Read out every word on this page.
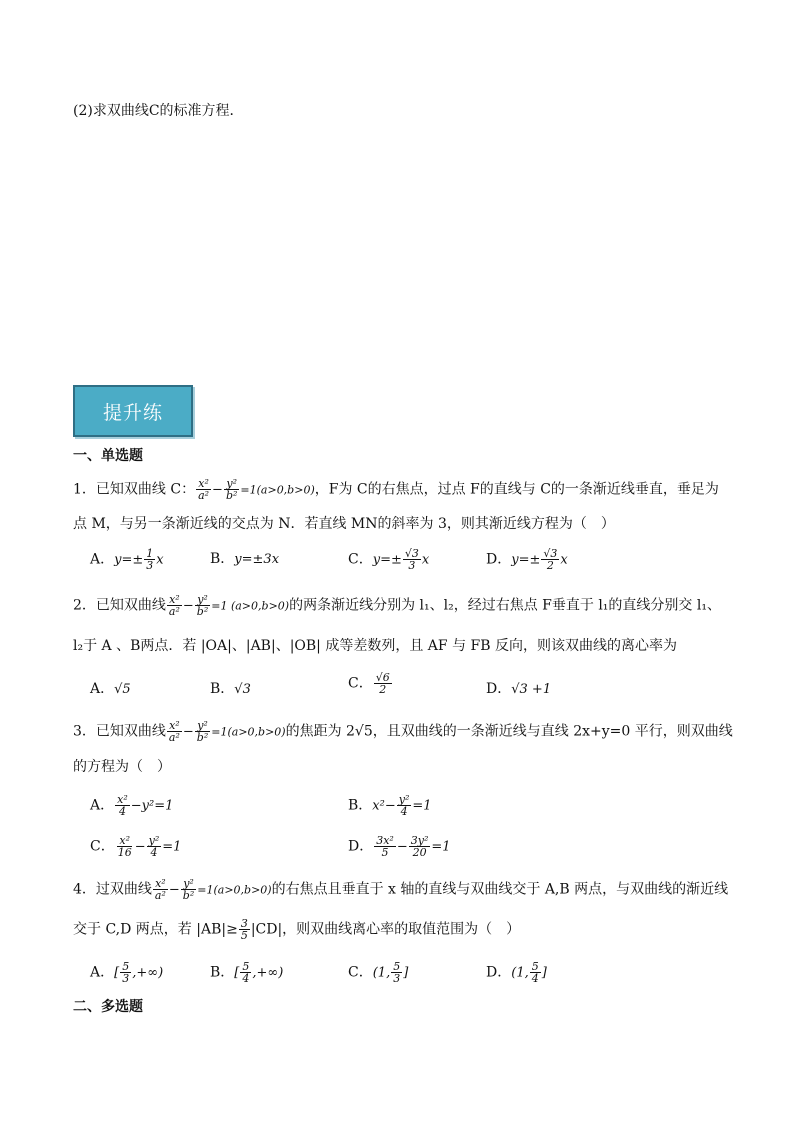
(2)求双曲线C的标准方程．
提升练
一、单选题
1．已知双曲线 C： $\frac{\text{x²}}{\text{a²}} - \frac{\text{y²}}{\text{b²}} =1(a>0,b>0)$，F为 C的右焦点，过点 F的直线与 C的一条渐近线垂直，垂足为
点 M，与另一条渐近线的交点为 N．若直线 MN的斜率为 3，则其渐近线方程为（　）
A．$y=\pm \frac{1}{3}$ x	B．y=±3x	C．$y=\pm \frac{√3}{3}$ x	D．$y=\pm \frac{√3}{2}$ x
2．已知双曲线 $\frac{\text{x²}}{\text{a²}} - \frac{\text{y²}}{\text{b²}} =1$ (a>0,b>0)的两条渐近线分别为 l₁、l₂，经过右焦点 F垂直于 l₁的直线分别交 l₁、
l₂于 A 、B两点．若 |OA|、|AB|、|OB| 成等差数列，且 AF 与 FB 反向，则该双曲线的离心率为
A．√5	B．√3	C． $\frac{√6}{2}$	D．√3 +1
3．已知双曲线 $\frac{\text{x²}}{\text{a²}} - \frac{\text{y²}}{\text{b²}} =1(a>0,b>0)$的焦距为 2√5，且双曲线的一条渐近线与直线 2x+y=0 平行，则双曲线
的方程为（　）
A． $\frac{\text{x²}}{4} -y^2=1$	B．$x^2- \frac{\text{y²}}{4} =1$
C． $\frac{\text{x²}}{16} - \frac{\text{y²}}{4} =1$	D． $\frac{\text{3x²}}{5} - \frac{\text{3y²}}{20} =1$
4．过双曲线 $\frac{\text{x²}}{\text{a²}} - \frac{\text{y²}}{\text{b²}} =1(a>0,b>0)$的右焦点且垂直于 x 轴的直线与双曲线交于 A,B 两点，与双曲线的渐近线
交于 C,D 两点，若 $|AB|\ge \frac{3}{5} |CD|$，则双曲线离心率的取值范围为（　）
A．[ $\frac{5}{3}$ ,+∞)	B．[ $\frac{5}{4}$ ,+∞)	C．(1, $\frac{5}{3}$ ]	D．(1, $\frac{5}{4}$ ]
二、多选题
